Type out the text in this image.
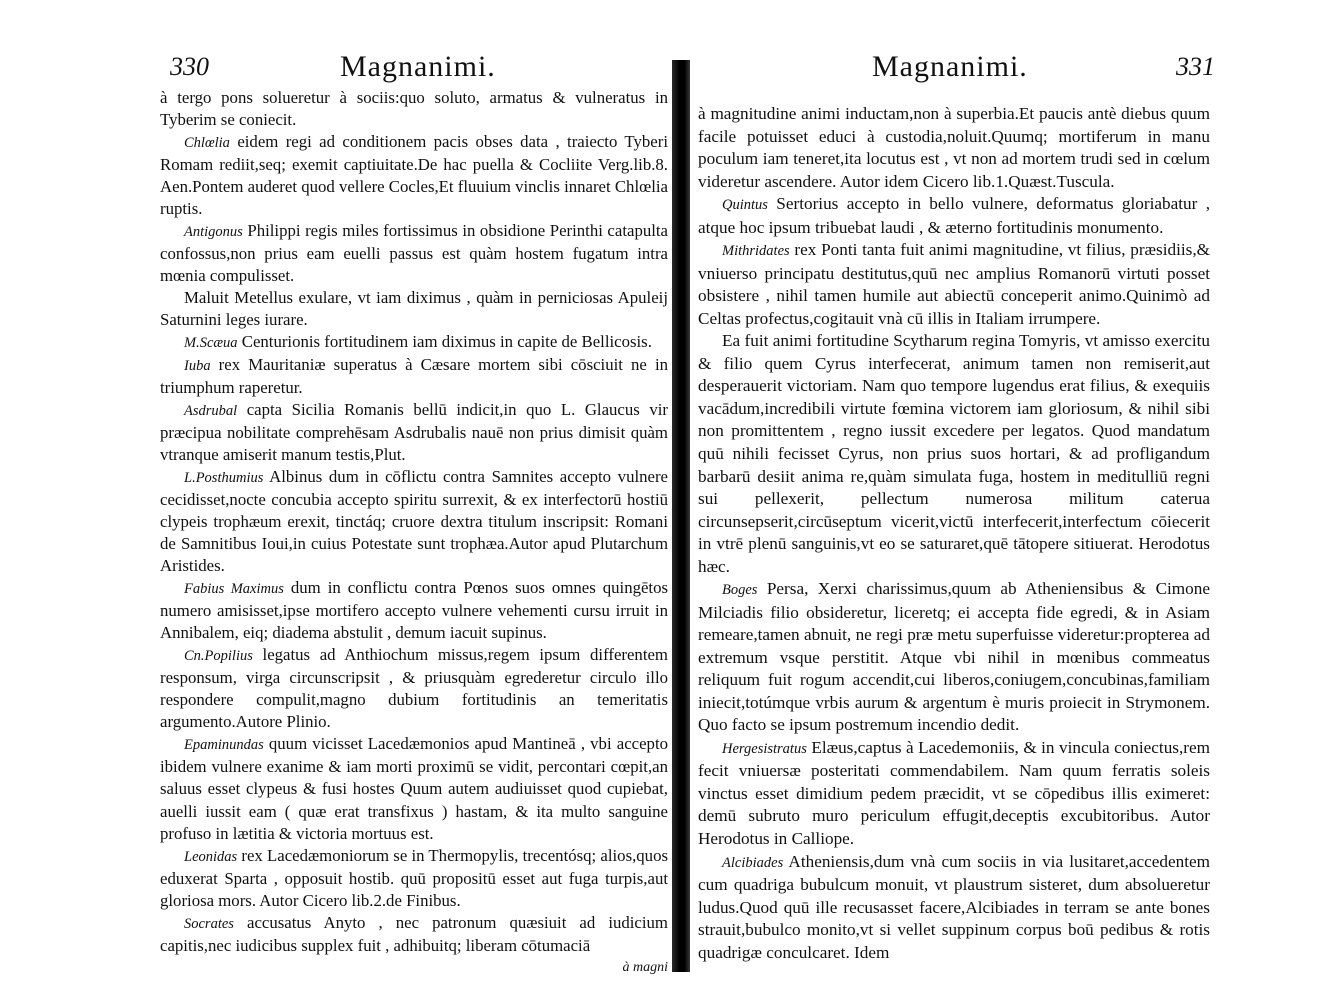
330	Magnanimi.

à tergo pons solueretur à sociis:quo soluto, armatus & vulneratus in Tyberim se coniecit.

Chlœlia eidem regi ad conditionem pacis obses data , traiecto Tyberi Romam rediit,seq; exemit captiuitate.De hac puella & Cocliite Verg.lib.8. Aen.Pontem auderet quod vellere Cocles,Et fluuium vinclis innaret Chlœlia ruptis.

Antigonus Philippi regis miles fortissimus in obsidione Perinthi catapulta confossus,non prius eam euelli passus est quàm hostem fugatum intra mœnia compulisset.

Maluit Metellus exulare, vt iam diximus , quàm in perniciosas Apuleij Saturnini leges iurare.

M.Scæua Centurionis fortitudinem iam diximus in capite de Bellicosis.

Iuba rex Mauritaniæ superatus à Cæsare mortem sibi cōsciuit ne in triumphum raperetur.

Asdrubal capta Sicilia Romanis bellū indicit,in quo L. Glaucus vir præcipua nobilitate comprehēsam Asdrubalis nauē non prius dimisit quàm vtranque amiserit manum testis,Plut.

L.Posthumius Albinus dum in cōflictu contra Samnites accepto vulnere cecidisset,nocte concubia accepto spiritu surrexit, & ex interfectorū hostiū clypeis trophæum erexit, tinctáq; cruore dextra titulum inscripsit: Romani de Samnitibus Ioui,in cuius Potestate sunt trophæa.Autor apud Plutarchum Aristides.

Fabius Maximus dum in conflictu contra Pœnos suos omnes quingētos numero amisisset,ipse mortifero accepto vulnere vehementi cursu irruit in Annibalem, eiq; diadema abstulit , demum iacuit supinus.

Cn.Popilius legatus ad Anthiochum missus,regem ipsum differentem responsum, virga circunscripsit , & priusquàm egrederetur circulo illo respondere compulit,magno dubium fortitudinis an temeritatis argumento.Autore Plinio.

Epaminundas quum vicisset Lacedæmonios apud Mantineā , vbi accepto ibidem vulnere exanime & iam morti proximū se vidit, percontari cœpit,an saluus esset clypeus & fusi hostes Quum autem audiuisset quod cupiebat, auelli iussit eam ( quæ erat transfixus ) hastam, & ita multo sanguine profuso in lætitia & victoria mortuus est.

Leonidas rex Lacedæmoniorum se in Thermopylis, trecentósq; alios,quos eduxerat Sparta , opposuit hostib. quū propositū esset aut fuga turpis,aut gloriosa mors. Autor Cicero lib.2.de Finibus.

Socrates accusatus Anyto , nec patronum quæsiuit ad iudicium capitis,nec iudicibus supplex fuit , adhibuitq; liberam cōtumaciā

à magni
Magnanimi.	331

à magnitudine animi inductam,non à superbia.Et paucis antè diebus quum facile potuisset educi à custodia,noluit.Quumq; mortiferum in manu poculum iam teneret,ita locutus est , vt non ad mortem trudi sed in cœlum videretur ascendere. Autor idem Cicero lib.1.Quæst.Tuscula.

Quintus Sertorius accepto in bello vulnere, deformatus gloriabatur , atque hoc ipsum tribuebat laudi , & æterno fortitudinis monumento.

Mithridates rex Ponti tanta fuit animi magnitudine, vt filius, præsidiis,& vniuerso principatu destitutus,quū nec amplius Romanorū virtuti posset obsistere , nihil tamen humile aut abiectū conceperit animo.Quinimò ad Celtas profectus,cogitauit vnà cū illis in Italiam irrumpere.

Ea fuit animi fortitudine Scytharum regina Tomyris, vt amisso exercitu & filio quem Cyrus interfecerat, animum tamen non remiserit,aut desperauerit victoriam. Nam quo tempore lugendus erat filius, & exequiis vacādum,incredibili virtute fœmina victorem iam gloriosum, & nihil sibi non promittentem , regno iussit excedere per legatos. Quod mandatum quū nihili fecisset Cyrus, non prius suos hortari, & ad profligandum barbarū desiit anima re,quàm simulata fuga, hostem in meditulliū regni sui pellexerit, pellectum numerosa militum caterua circunsepserit,circūseptum vicerit,victū interfecerit,interfectum cōiecerit in vtrē plenū sanguinis,vt eo se saturaret,quē tātopere sitiuerat. Herodotus hæc.

Boges Persa, Xerxi charissimus,quum ab Atheniensibus & Cimone Milciadis filio obsideretur, liceretq; ei accepta fide egredi, & in Asiam remeare,tamen abnuit, ne regi præ metu superfuisse videretur:propterea ad extremum vsque perstitit. Atque vbi nihil in mœnibus commeatus reliquum fuit rogum accendit,cui liberos,coniugem,concubinas,familiam iniecit,totúmque vrbis aurum & argentum è muris proiecit in Strymonem. Quo facto se ipsum postremum incendio dedit.

Hergesistratus Elæus,captus à Lacedemoniis, & in vincula coniectus,rem fecit vniuersæ posteritati commendabilem. Nam quum ferratis soleis vinctus esset dimidium pedem præcidit, vt se cōpedibus illis eximeret: demū subruto muro periculum effugit,deceptis excubitoribus. Autor Herodotus in Calliope.

Alcibiades Atheniensis,dum vnà cum sociis in via lusitaret,accedentem cum quadriga bubulcum monuit, vt plaustrum sisteret, dum absolueretur ludus.Quod quū ille recusasset facere,Alcibiades in terram se ante bones strauit,bubulco monito,vt si vellet suppinum corpus boū pedibus & rotis quadrigæ conculcaret. Idem
